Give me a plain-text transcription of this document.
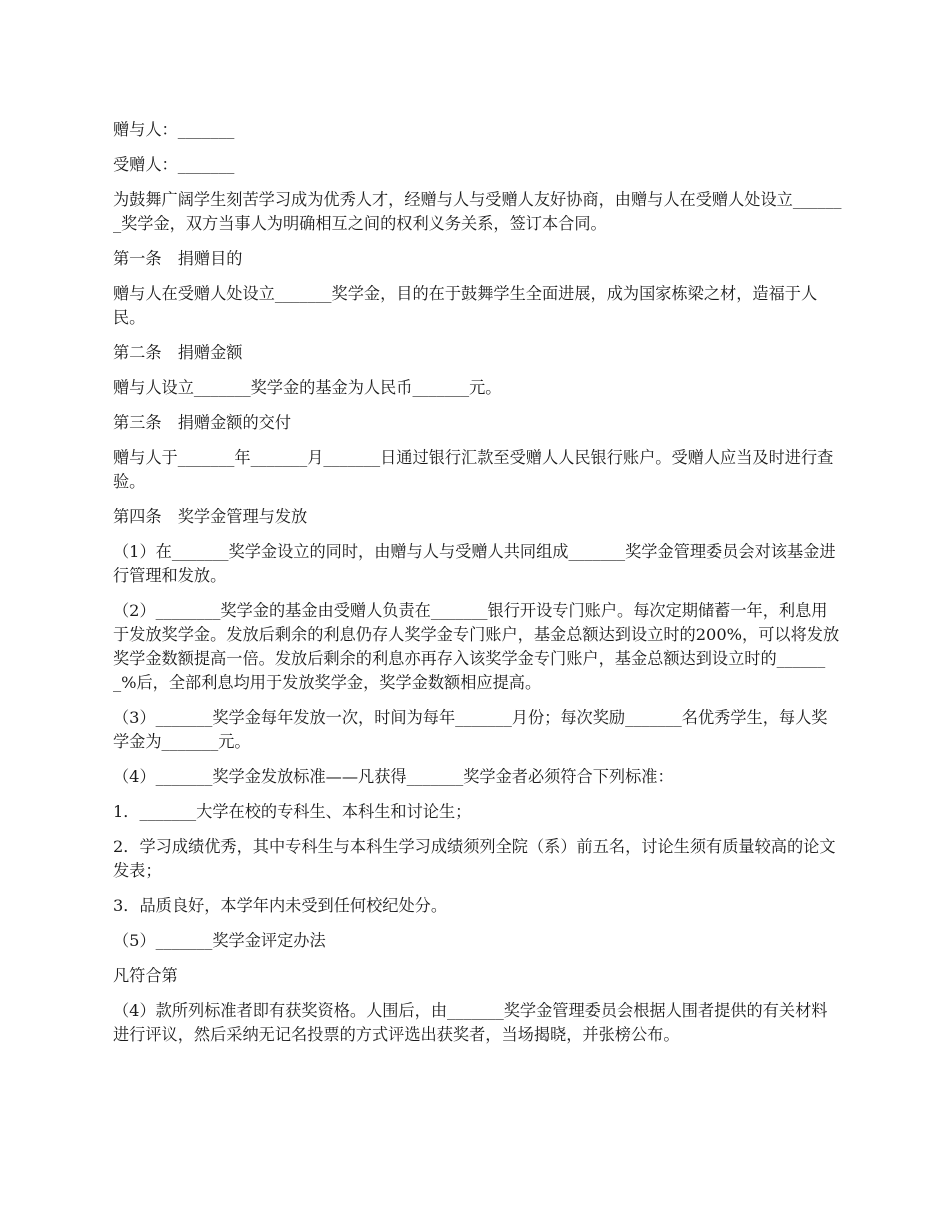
赠与人：_______

受赠人：_______

为鼓舞广阔学生刻苦学习成为优秀人才，经赠与人与受赠人友好协商，由赠与人在受赠人处设立_______奖学金，双方当事人为明确相互之间的权利义务关系，签订本合同。

第一条　捐赠目的

赠与人在受赠人处设立_______奖学金，目的在于鼓舞学生全面进展，成为国家栋梁之材，造福于人民。

第二条　捐赠金额

赠与人设立_______奖学金的基金为人民币_______元。

第三条　捐赠金额的交付

赠与人于_______年_______月_______日通过银行汇款至受赠人人民银行账户。受赠人应当及时进行查验。

第四条　奖学金管理与发放

（1）在_______奖学金设立的同时，由赠与人与受赠人共同组成_______奖学金管理委员会对该基金进行管理和发放。

（2）________奖学金的基金由受赠人负责在_______银行开设专门账户。每次定期储蓄一年，利息用于发放奖学金。发放后剩余的利息仍存人奖学金专门账户，基金总额达到设立时的200%，可以将发放奖学金数额提高一倍。发放后剩余的利息亦再存入该奖学金专门账户，基金总额达到设立时的_______%后，全部利息均用于发放奖学金，奖学金数额相应提高。

（3）_______奖学金每年发放一次，时间为每年_______月份；每次奖励_______名优秀学生，每人奖学金为_______元。

（4）_______奖学金发放标准——凡获得_______奖学金者必须符合下列标准：

1．_______大学在校的专科生、本科生和讨论生；

2．学习成绩优秀，其中专科生与本科生学习成绩须列全院（系）前五名，讨论生须有质量较高的论文发表；

3．品质良好，本学年内未受到任何校纪处分。

（5）_______奖学金评定办法

凡符合第

（4）款所列标准者即有获奖资格。人围后，由_______奖学金管理委员会根据人围者提供的有关材料进行评议，然后采纳无记名投票的方式评选出获奖者，当场揭晓，并张榜公布。
